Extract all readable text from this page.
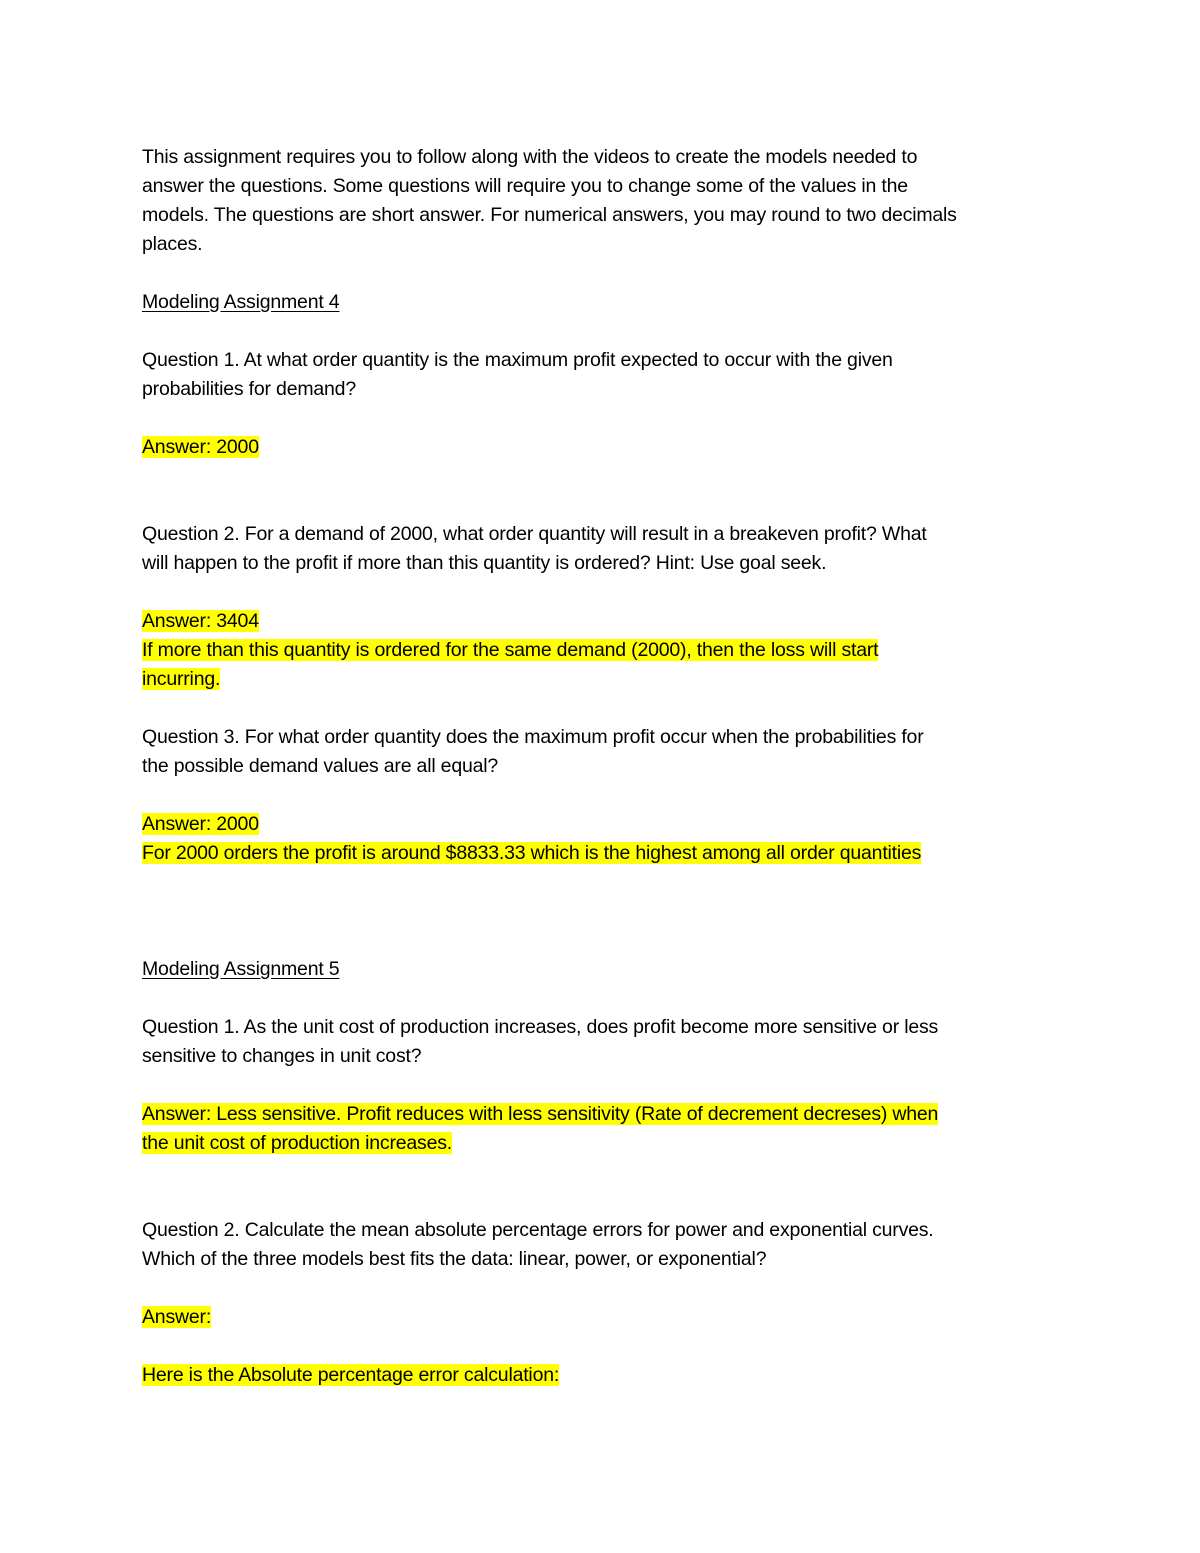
This assignment requires you to follow along with the videos to create the models needed to
answer the questions. Some questions will require you to change some of the values in the
models. The questions are short answer. For numerical answers, you may round to two decimals
places.
Modeling Assignment 4
Question 1. At what order quantity is the maximum profit expected to occur with the given
probabilities for demand?
Answer: 2000
Question 2. For a demand of 2000, what order quantity will result in a breakeven profit? What
will happen to the profit if more than this quantity is ordered? Hint: Use goal seek.
Answer: 3404
If more than this quantity is ordered for the same demand (2000), then the loss will start
incurring.
Question 3. For what order quantity does the maximum profit occur when the probabilities for
the possible demand values are all equal?
Answer: 2000
For 2000 orders the profit is around $8833.33 which is the highest among all order quantities
Modeling Assignment 5
Question 1. As the unit cost of production increases, does profit become more sensitive or less
sensitive to changes in unit cost?
Answer: Less sensitive. Profit reduces with less sensitivity (Rate of decrement decreses) when
the unit cost of production increases.
Question 2. Calculate the mean absolute percentage errors for power and exponential curves.
Which of the three models best fits the data: linear, power, or exponential?
Answer:
Here is the Absolute percentage error calculation:
